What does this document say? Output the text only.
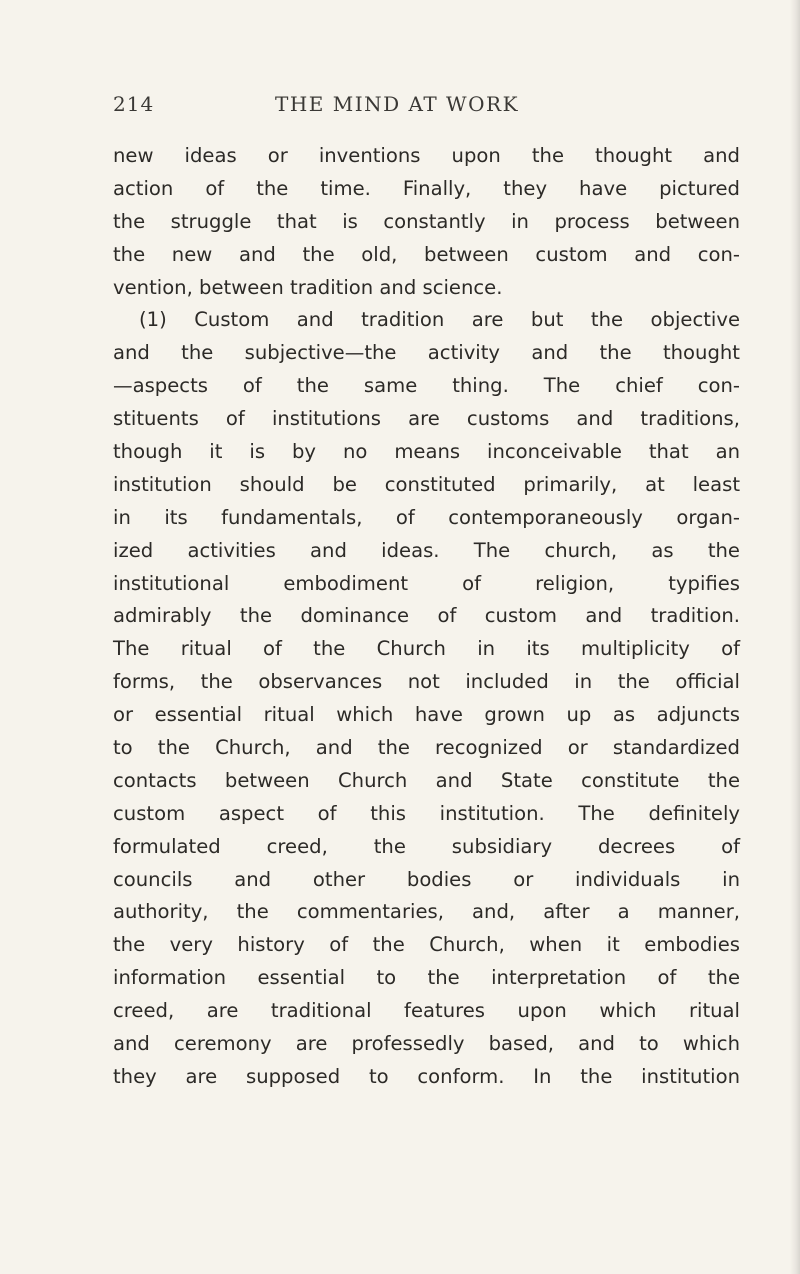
214	THE MIND AT WORK
new ideas or inventions upon the thought and
action of the time. Finally, they have pictured
the struggle that is constantly in process between
the new and the old, between custom and con-
vention, between tradition and science.
(1) Custom and tradition are but the objective
and the subjective—the activity and the thought
—aspects of the same thing. The chief con-
stituents of institutions are customs and traditions,
though it is by no means inconceivable that an
institution should be constituted primarily, at least
in its fundamentals, of contemporaneously organ-
ized activities and ideas. The church, as the
institutional embodiment of religion, typifies
admirably the dominance of custom and tradition.
The ritual of the Church in its multiplicity of
forms, the observances not included in the official
or essential ritual which have grown up as adjuncts
to the Church, and the recognized or standardized
contacts between Church and State constitute the
custom aspect of this institution. The definitely
formulated creed, the subsidiary decrees of
councils and other bodies or individuals in
authority, the commentaries, and, after a manner,
the very history of the Church, when it embodies
information essential to the interpretation of the
creed, are traditional features upon which ritual
and ceremony are professedly based, and to which
they are supposed to conform. In the institution
